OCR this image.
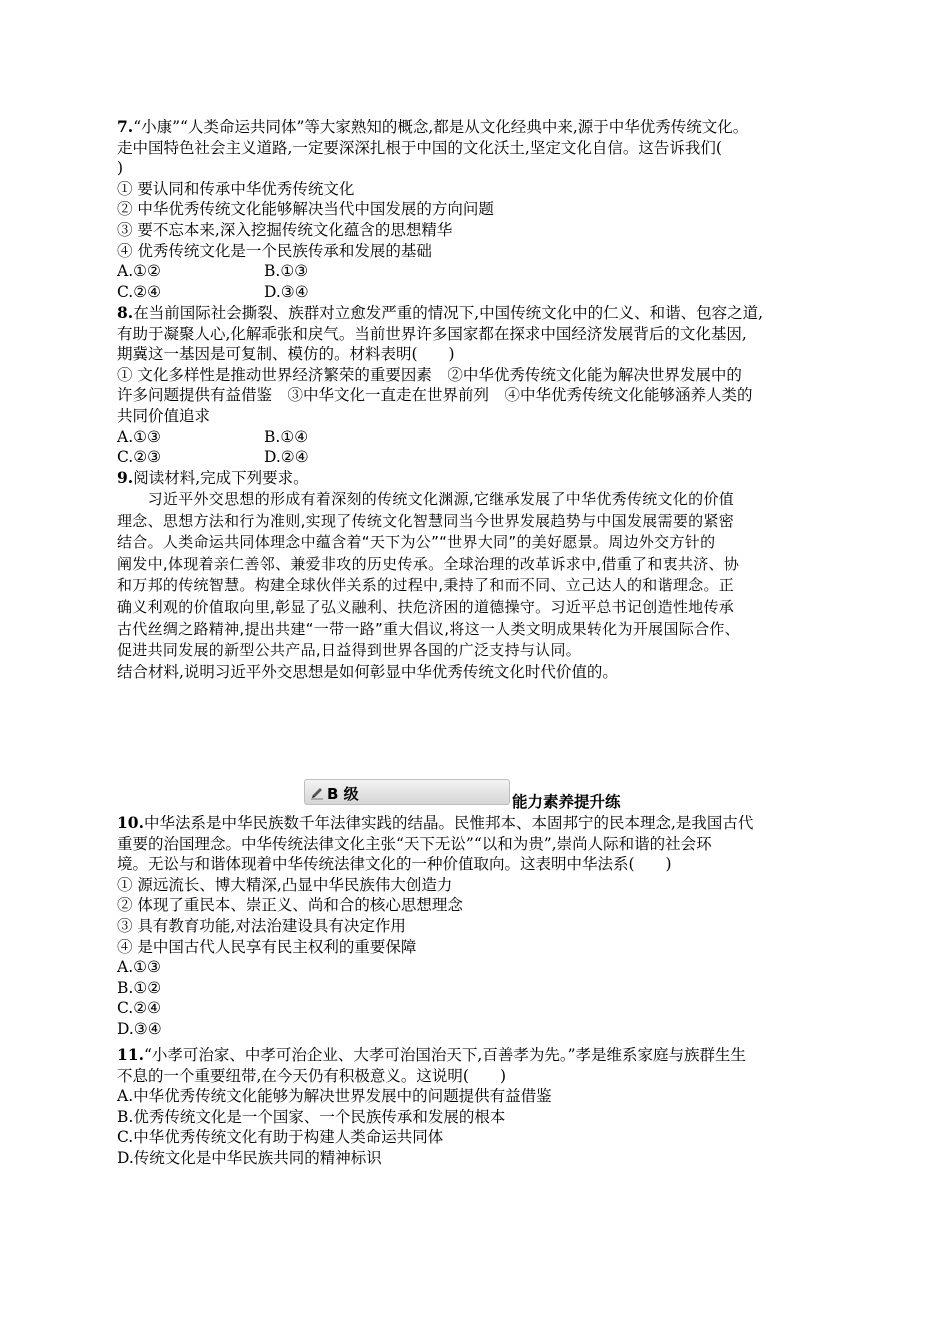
7.“小康”“人类命运共同体”等大家熟知的概念,都是从文化经典中来,源于中华优秀传统文化。
走中国特色社会主义道路,一定要深深扎根于中国的文化沃土,坚定文化自信。这告诉我们(
)
① 要认同和传承中华优秀传统文化
② 中华优秀传统文化能够解决当代中国发展的方向问题
③ 要不忘本来,深入挖掘传统文化蕴含的思想精华
④ 优秀传统文化是一个民族传承和发展的基础
A.①②	B.①③
C.②④	D.③④
8.在当前国际社会撕裂、族群对立愈发严重的情况下,中国传统文化中的仁义、和谐、包容之道,
有助于凝聚人心,化解乖张和戾气。当前世界许多国家都在探求中国经济发展背后的文化基因,
期冀这一基因是可复制、模仿的。材料表明(　　)
① 文化多样性是推动世界经济繁荣的重要因素　②中华优秀传统文化能为解决世界发展中的
许多问题提供有益借鉴　③中华文化一直走在世界前列　④中华优秀传统文化能够涵养人类的
共同价值追求
A.①③	B.①④
C.②③	D.②④
9.阅读材料,完成下列要求。
　　习近平外交思想的形成有着深刻的传统文化渊源,它继承发展了中华优秀传统文化的价值
理念、思想方法和行为准则,实现了传统文化智慧同当今世界发展趋势与中国发展需要的紧密
结合。人类命运共同体理念中蕴含着“天下为公”“世界大同”的美好愿景。周边外交方针的
阐发中,体现着亲仁善邻、兼爱非攻的历史传承。全球治理的改革诉求中,借重了和衷共济、协
和万邦的传统智慧。构建全球伙伴关系的过程中,秉持了和而不同、立己达人的和谐理念。正
确义利观的价值取向里,彰显了弘义融利、扶危济困的道德操守。习近平总书记创造性地传承
古代丝绸之路精神,提出共建“一带一路”重大倡议,将这一人类文明成果转化为开展国际合作、
促进共同发展的新型公共产品,日益得到世界各国的广泛支持与认同。
结合材料,说明习近平外交思想是如何彰显中华优秀传统文化时代价值的。
B 级	能力素养提升练
10.中华法系是中华民族数千年法律实践的结晶。民惟邦本、本固邦宁的民本理念,是我国古代
重要的治国理念。中华传统法律文化主张“天下无讼”“以和为贵”,崇尚人际和谐的社会环
境。无讼与和谐体现着中华传统法律文化的一种价值取向。这表明中华法系(　　)
① 源远流长、博大精深,凸显中华民族伟大创造力
② 体现了重民本、崇正义、尚和合的核心思想理念
③ 具有教育功能,对法治建设具有决定作用
④ 是中国古代人民享有民主权利的重要保障
A.①③
B.①②
C.②④
D.③④
11.“小孝可治家、中孝可治企业、大孝可治国治天下,百善孝为先。”孝是维系家庭与族群生生
不息的一个重要纽带,在今天仍有积极意义。这说明(　　)
A.中华优秀传统文化能够为解决世界发展中的问题提供有益借鉴
B.优秀传统文化是一个国家、一个民族传承和发展的根本
C.中华优秀传统文化有助于构建人类命运共同体
D.传统文化是中华民族共同的精神标识
